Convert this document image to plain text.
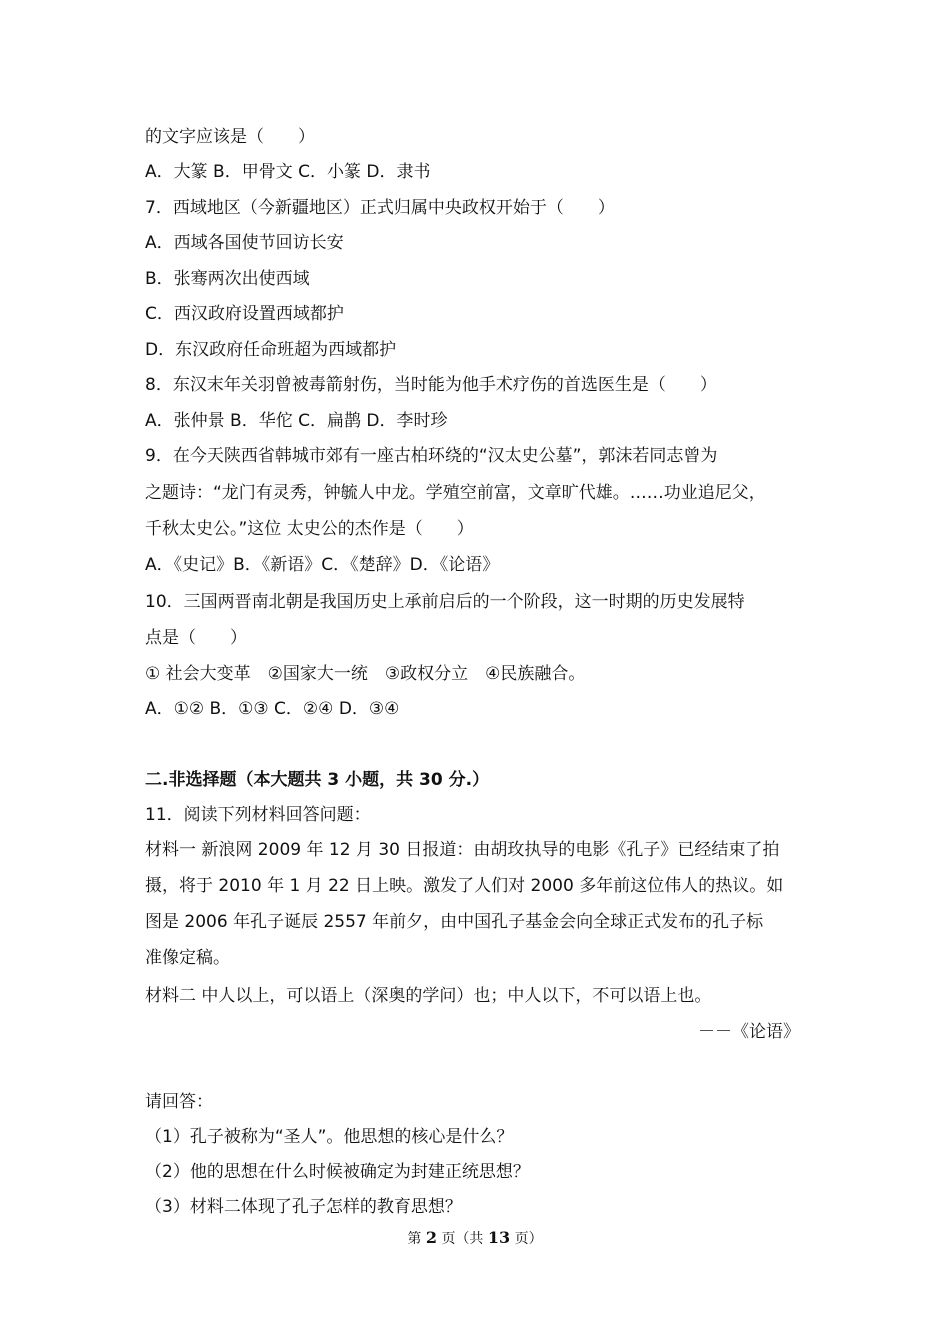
的文字应该是（　　）
A．大篆 B．甲骨文 C．小篆 D．隶书
7．西域地区（今新疆地区）正式归属中央政权开始于（　　）
A．西域各国使节回访长安
B．张骞两次出使西域
C．西汉政府设置西域都护
D．东汉政府任命班超为西域都护
8．东汉末年关羽曾被毒箭射伤，当时能为他手术疗伤的首选医生是（　　）
A．张仲景 B．华佗 C．扁鹊 D．李时珍
9．在今天陕西省韩城市郊有一座古柏环绕的“汉太史公墓”，郭沫若同志曾为
之题诗：“龙门有灵秀，钟毓人中龙。学殖空前富，文章旷代雄。……功业追尼父，
千秋太史公。”这位 太史公的杰作是（　　）
A．《史记》B．《新语》C．《楚辞》D．《论语》
10．三国两晋南北朝是我国历史上承前启后的一个阶段，这一时期的历史发展特
点是（　　）
① 社会大变革　②国家大一统　③政权分立　④民族融合。
A．①② B．①③ C．②④ D．③④
二.非选择题（本大题共 3 小题，共 30 分.）
11．阅读下列材料回答问题：
材料一 新浪网 2009 年 12 月 30 日报道：由胡玫执导的电影《孔子》已经结束了拍
摄，将于 2010 年 1 月 22 日上映。激发了人们对 2000 多年前这位伟人的热议。如
图是 2006 年孔子诞辰 2557 年前夕，由中国孔子基金会向全球正式发布的孔子标
准像定稿。
材料二 中人以上，可以语上（深奥的学问）也；中人以下，不可以语上也。
－－《论语》
请回答：
（1）孔子被称为“圣人”。他思想的核心是什么？
（2）他的思想在什么时候被确定为封建正统思想？
（3）材料二体现了孔子怎样的教育思想？
第 2 页（共 13 页）
